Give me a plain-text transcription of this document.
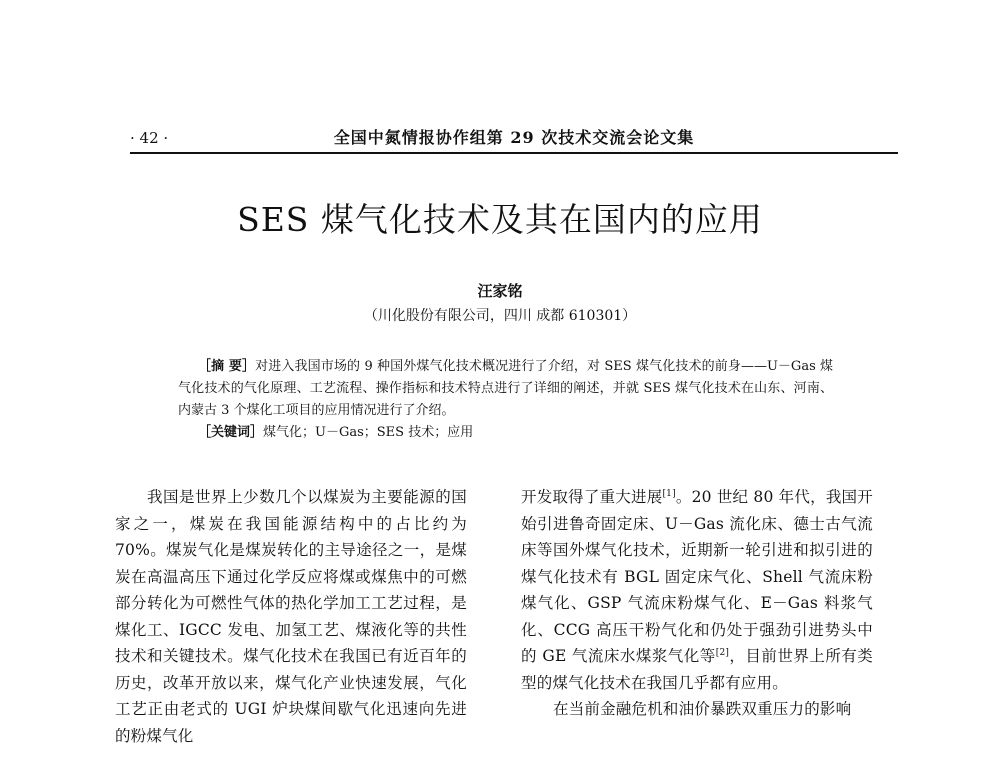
· 42 ·	全国中氮情报协作组第 29 次技术交流会论文集
SES 煤气化技术及其在国内的应用
汪家铭
（川化股份有限公司，四川 成都 610301）

［摘 要］对进入我国市场的 9 种国外煤气化技术概况进行了介绍，对 SES 煤气化技术的前身——U－Gas 煤气化技术的气化原理、工艺流程、操作指标和技术特点进行了详细的阐述，并就 SES 煤气化技术在山东、河南、内蒙古 3 个煤化工项目的应用情况进行了介绍。

［关键词］煤气化；U－Gas；SES 技术；应用

我国是世界上少数几个以煤炭为主要能源的国家之一，煤炭在我国能源结构中的占比约为 70%。煤炭气化是煤炭转化的主导途径之一，是煤炭在高温高压下通过化学反应将煤或煤焦中的可燃部分转化为可燃性气体的热化学加工工艺过程，是煤化工、IGCC 发电、加氢工艺、煤液化等的共性技术和关键技术。煤气化技术在我国已有近百年的历史，改革开放以来，煤气化产业快速发展，气化工艺正由老式的 UGI 炉块煤间歇气化迅速向先进的粉煤气化

开发取得了重大进展[1]。20 世纪 80 年代，我国开始引进鲁奇固定床、U－Gas 流化床、德士古气流床等国外煤气化技术，近期新一轮引进和拟引进的煤气化技术有 BGL 固定床气化、Shell 气流床粉煤气化、GSP 气流床粉煤气化、E－Gas 料浆气化、CCG 高压干粉气化和仍处于强劲引进势头中的 GE 气流床水煤浆气化等[2]，目前世界上所有类型的煤气化技术在我国几乎都有应用。

在当前金融危机和油价暴跌双重压力的影响
